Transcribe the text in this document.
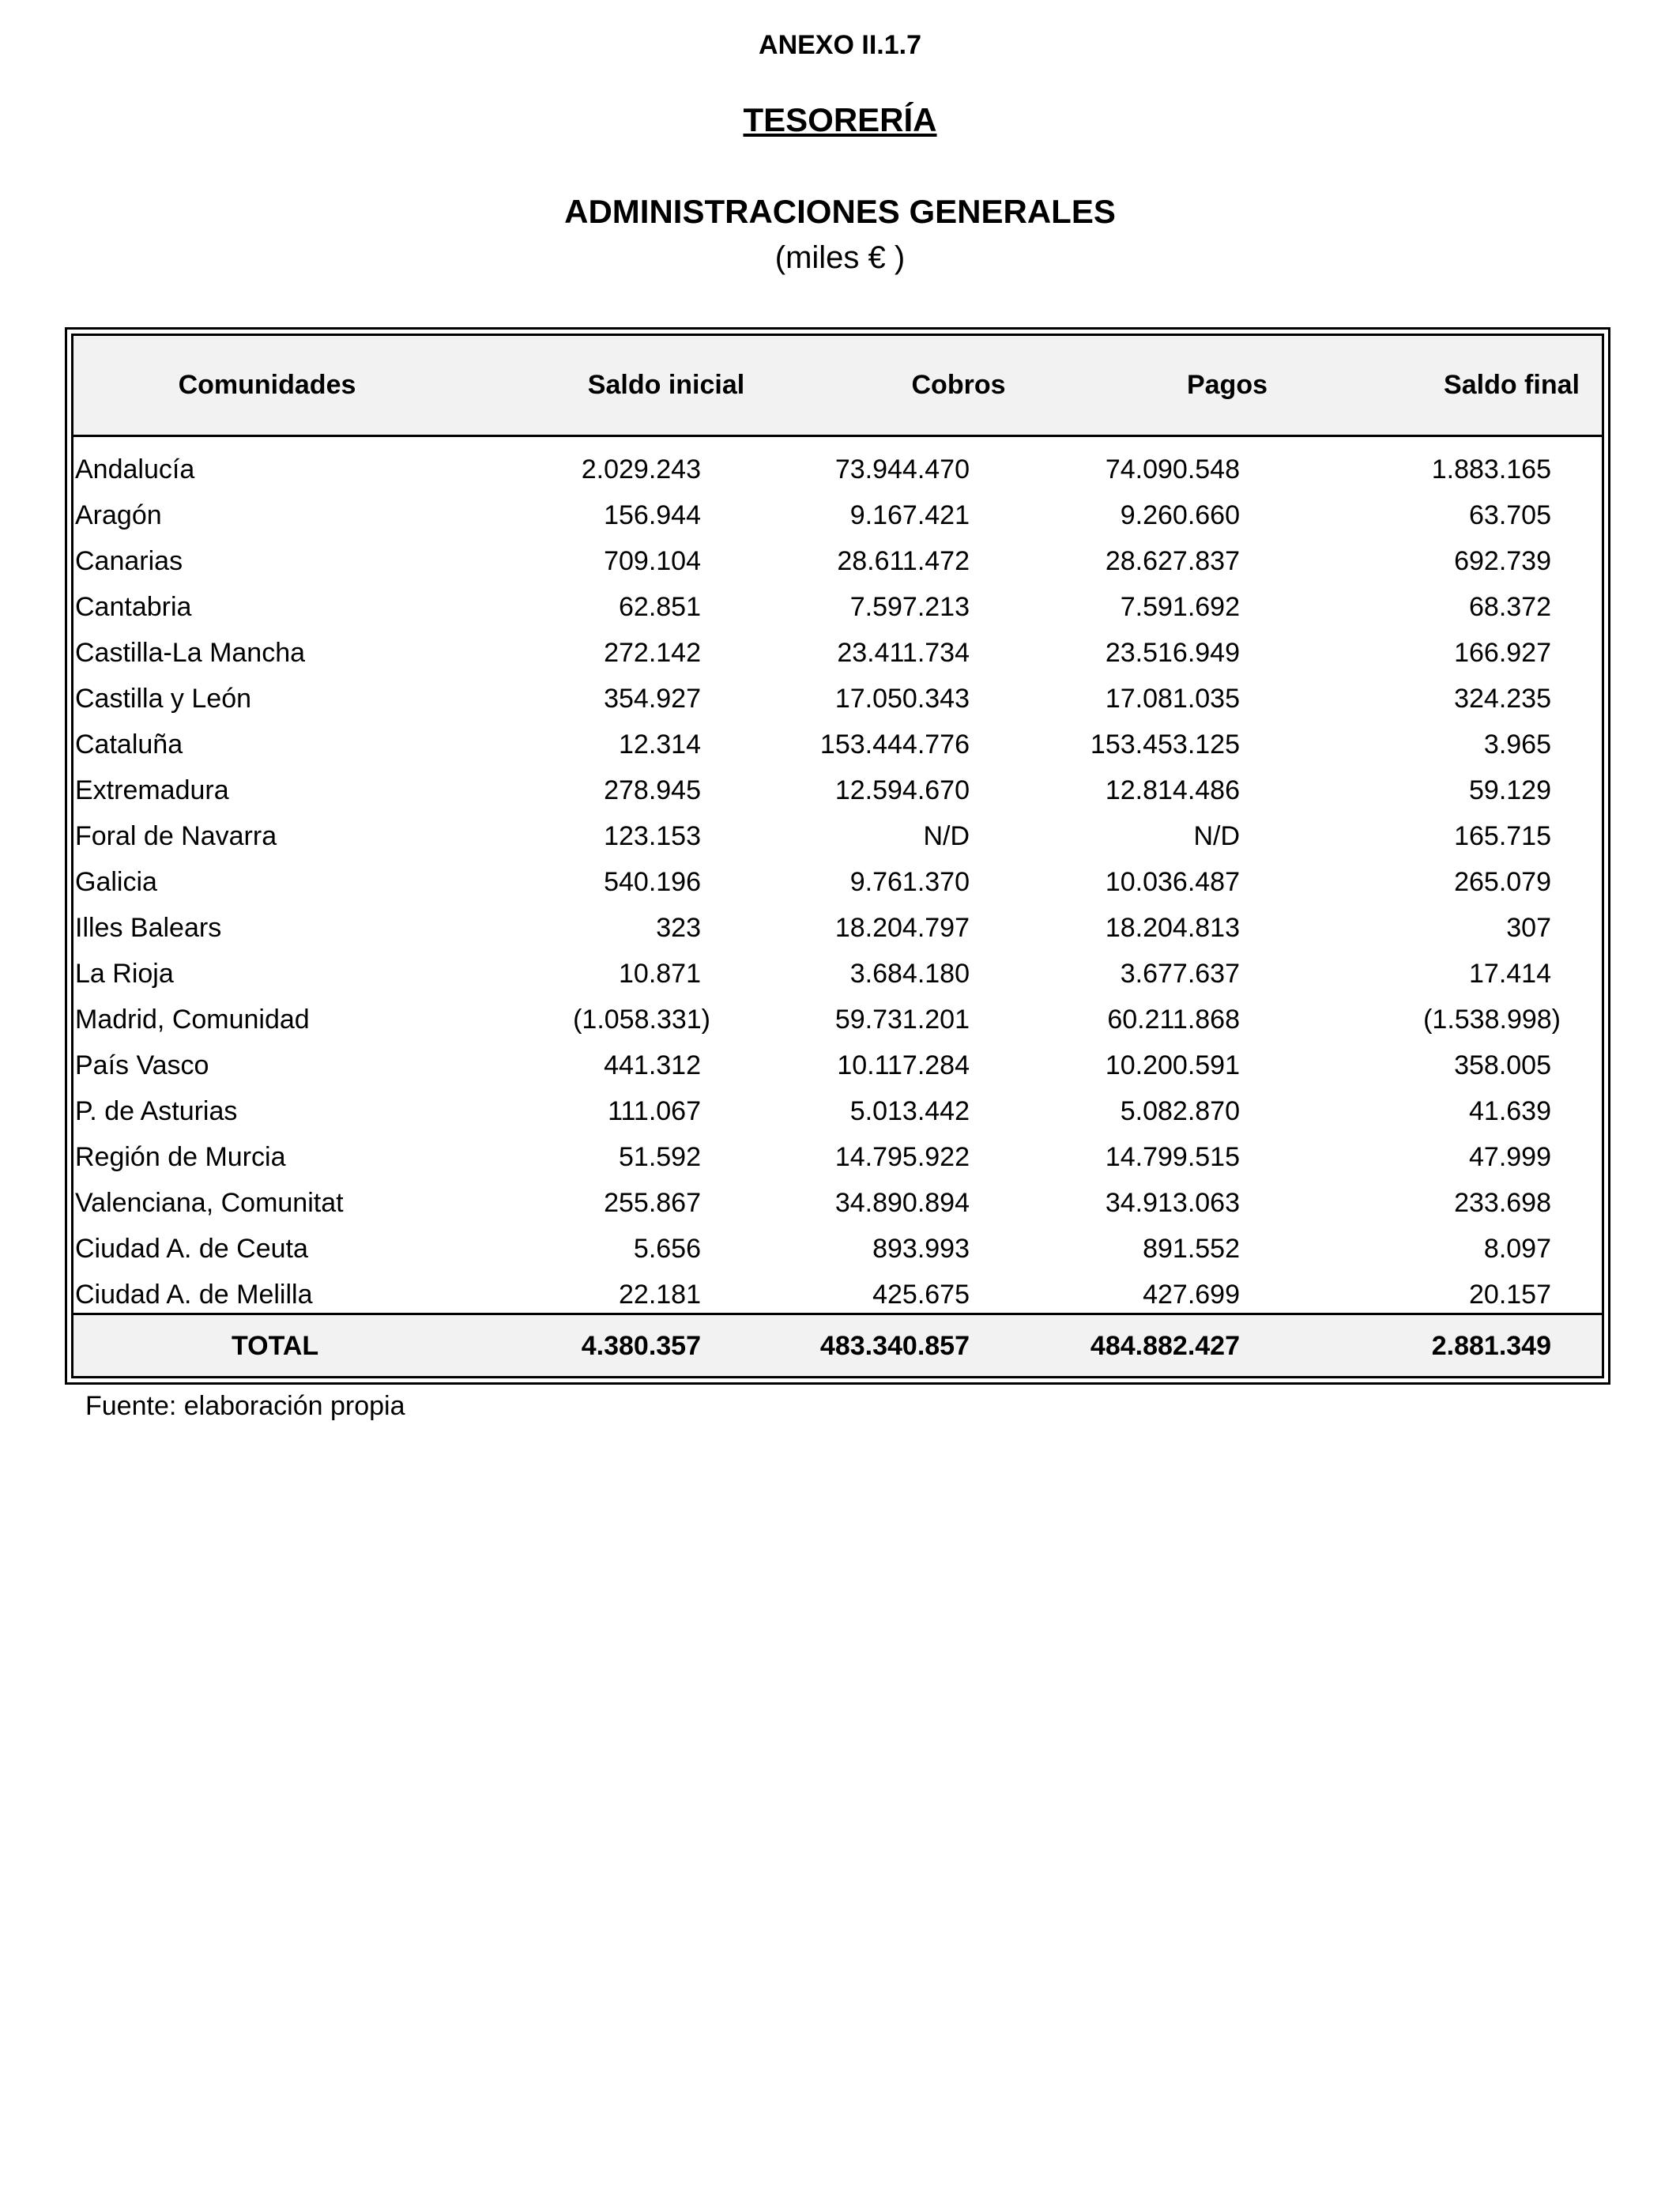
ANEXO II.1.7
TESORERÍA
ADMINISTRACIONES GENERALES
(miles € )
Comunidades	Saldo inicial	Cobros	Pagos	Saldo final
Andalucía	2.029.243	73.944.470	74.090.548	1.883.165
Aragón	156.944	9.167.421	9.260.660	63.705
Canarias	709.104	28.611.472	28.627.837	692.739
Cantabria	62.851	7.597.213	7.591.692	68.372
Castilla-La Mancha	272.142	23.411.734	23.516.949	166.927
Castilla y León	354.927	17.050.343	17.081.035	324.235
Cataluña	12.314	153.444.776	153.453.125	3.965
Extremadura	278.945	12.594.670	12.814.486	59.129
Foral de Navarra	123.153	N/D	N/D	165.715
Galicia	540.196	9.761.370	10.036.487	265.079
Illes Balears	323	18.204.797	18.204.813	307
La Rioja	10.871	3.684.180	3.677.637	17.414
Madrid, Comunidad	(1.058.331)	59.731.201	60.211.868	(1.538.998)
País Vasco	441.312	10.117.284	10.200.591	358.005
P. de Asturias	111.067	5.013.442	5.082.870	41.639
Región de Murcia	51.592	14.795.922	14.799.515	47.999
Valenciana, Comunitat	255.867	34.890.894	34.913.063	233.698
Ciudad A. de Ceuta	5.656	893.993	891.552	8.097
Ciudad A. de Melilla	22.181	425.675	427.699	20.157
TOTAL	4.380.357	483.340.857	484.882.427	2.881.349
Fuente: elaboración propia
